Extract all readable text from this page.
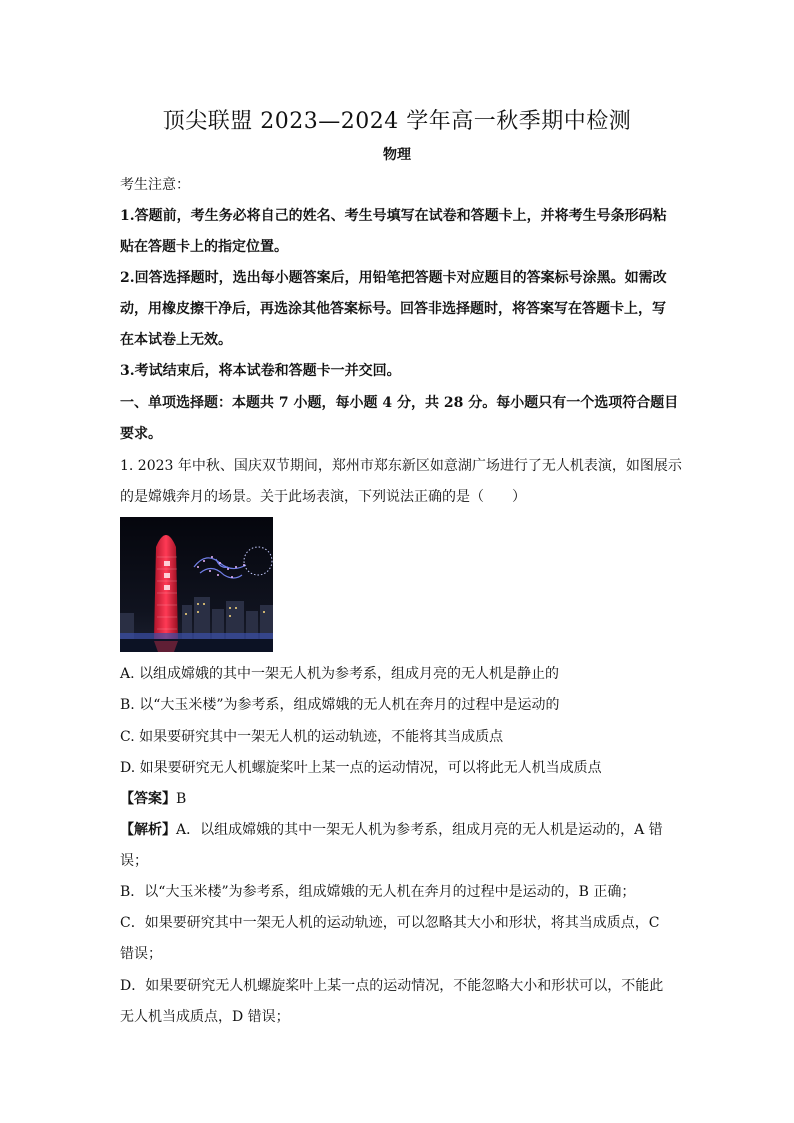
顶尖联盟 2023—2024 学年高一秋季期中检测
物理
考生注意：
1.答题前，考生务必将自己的姓名、考生号填写在试卷和答题卡上，并将考生号条形码粘
贴在答题卡上的指定位置。
2.回答选择题时，选出每小题答案后，用铅笔把答题卡对应题目的答案标号涂黑。如需改
动，用橡皮擦干净后，再选涂其他答案标号。回答非选择题时，将答案写在答题卡上，写
在本试卷上无效。
3.考试结束后，将本试卷和答题卡一并交回。
一、单项选择题：本题共 7 小题，每小题 4 分，共 28 分。每小题只有一个选项符合题目
要求。
1. 2023 年中秋、国庆双节期间，郑州市郑东新区如意湖广场进行了无人机表演，如图展示
的是嫦娥奔月的场景。关于此场表演，下列说法正确的是（　　）
A. 以组成嫦娥的其中一架无人机为参考系，组成月亮的无人机是静止的
B. 以“大玉米楼”为参考系，组成嫦娥的无人机在奔月的过程中是运动的
C. 如果要研究其中一架无人机的运动轨迹，不能将其当成质点
D. 如果要研究无人机螺旋桨叶上某一点的运动情况，可以将此无人机当成质点
【答案】B
【解析】A．以组成嫦娥的其中一架无人机为参考系，组成月亮的无人机是运动的，A 错
误；
B．以“大玉米楼”为参考系，组成嫦娥的无人机在奔月的过程中是运动的，B 正确；
C．如果要研究其中一架无人机的运动轨迹，可以忽略其大小和形状，将其当成质点，C
错误；
D．如果要研究无人机螺旋桨叶上某一点的运动情况，不能忽略大小和形状可以，不能此
无人机当成质点，D 错误；
